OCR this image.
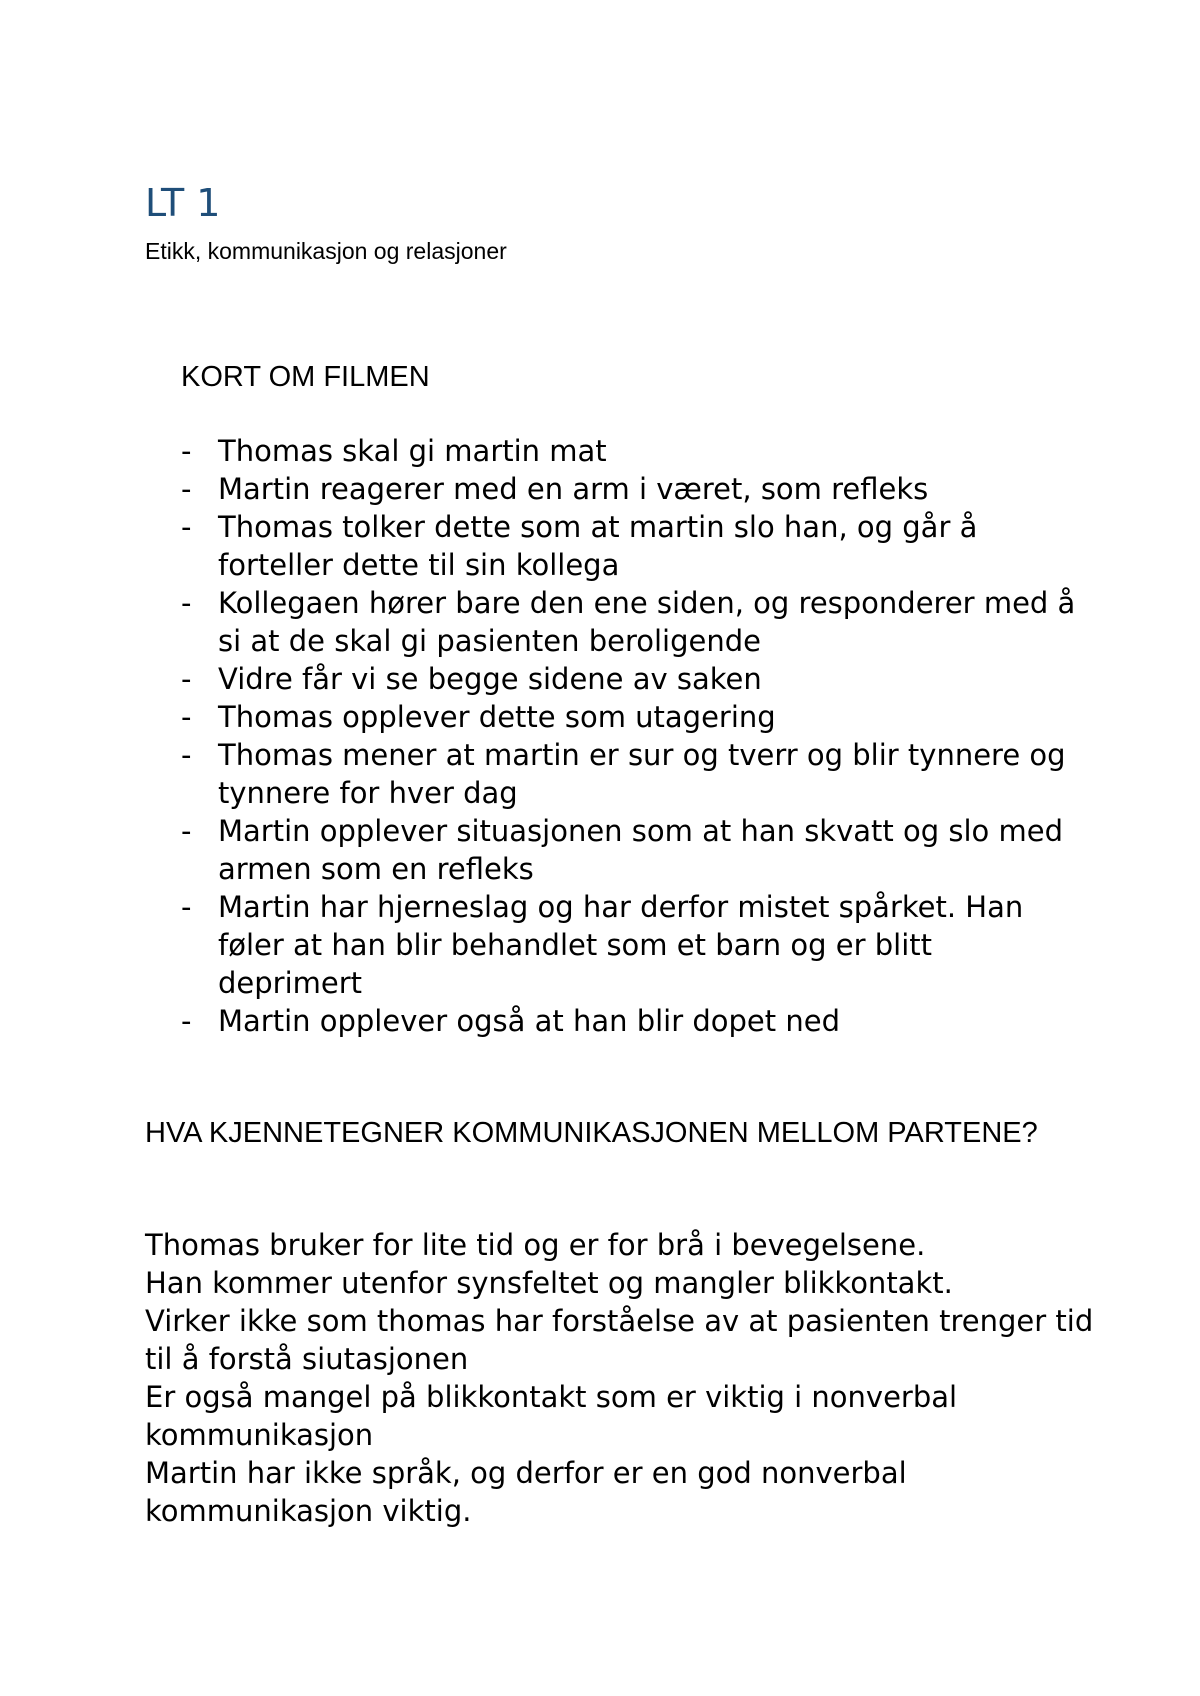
LT 1

Etikk, kommunikasjon og relasjoner

KORT OM FILMEN
- Thomas skal gi martin mat
- Martin reagerer med en arm i været, som refleks
- Thomas tolker dette som at martin slo han, og går å forteller dette til sin kollega
- Kollegaen hører bare den ene siden, og responderer med å si at de skal gi pasienten beroligende
- Vidre får vi se begge sidene av saken
- Thomas opplever dette som utagering
- Thomas mener at martin er sur og tverr og blir tynnere og tynnere for hver dag
- Martin opplever situasjonen som at han skvatt og slo med armen som en refleks
- Martin har hjerneslag og har derfor mistet spårket. Han føler at han blir behandlet som et barn og er blitt deprimert
- Martin opplever også at han blir dopet ned
HVA KJENNETEGNER KOMMUNIKASJONEN MELLOM PARTENE?

Thomas bruker for lite tid og er for brå i bevegelsene.

Han kommer utenfor synsfeltet og mangler blikkontakt.

Virker ikke som thomas har forståelse av at pasienten trenger tid til å forstå siutasjonen

Er også mangel på blikkontakt som er viktig i nonverbal kommunikasjon

Martin har ikke språk, og derfor er en god nonverbal kommunikasjon viktig.
